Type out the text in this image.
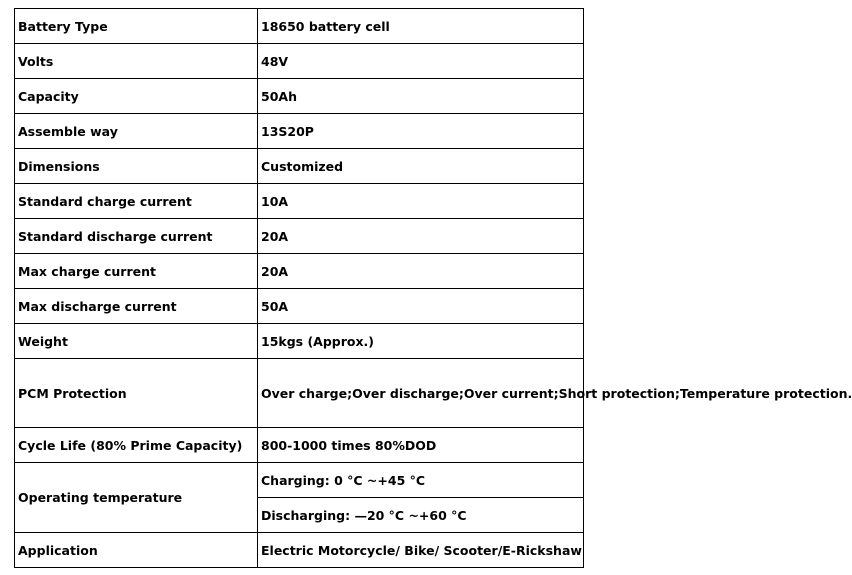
Battery Type	18650 battery cell
Volts	48V
Capacity	50Ah
Assemble way	13S20P
Dimensions	Customized
Standard charge current	10A
Standard discharge current	20A
Max charge current	20A
Max discharge current	50A
Weight	15kgs (Approx.)
PCM Protection	Over charge;Over discharge;Over current;Short protection;Temperature protection.
Cycle Life (80% Prime Capacity)	800-1000 times 80%DOD
Operating temperature	Charging: 0 °C ~+45 °C
	Discharging: —20 °C ~+60 °C
Application	Electric Motorcycle/ Bike/ Scooter/E-Rickshaw
